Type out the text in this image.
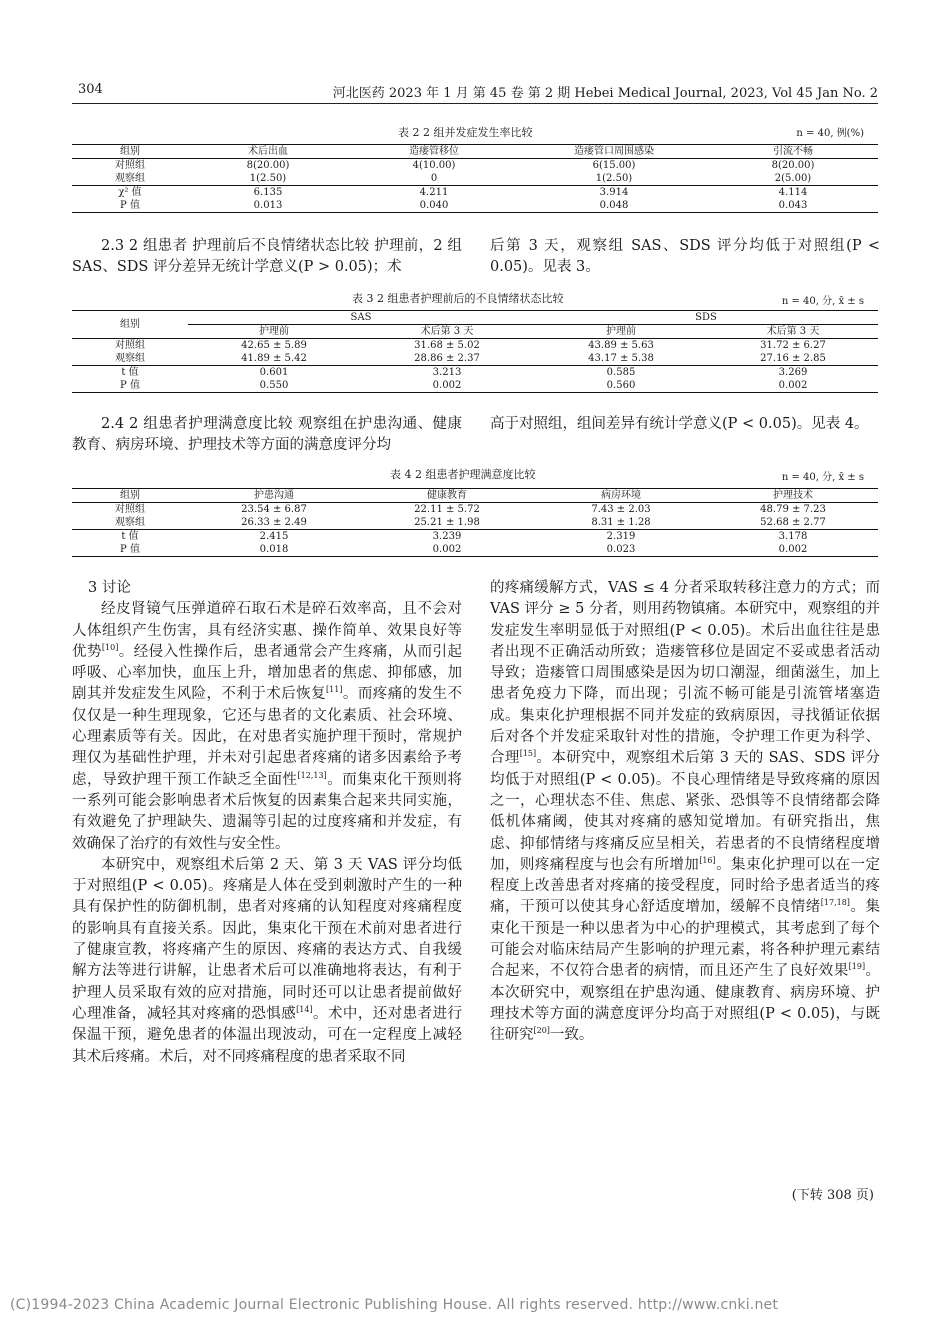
304	河北医药 2023 年 1 月 第 45 卷 第 2 期 Hebei Medical Journal, 2023, Vol 45 Jan No. 2
表 2 2 组并发症发生率比较	n = 40, 例(%)
组别	术后出血	造瘘管移位	造瘘管口周围感染	引流不畅
对照组	8(20.00)	4(10.00)	6(15.00)	8(20.00)
观察组	1(2.50)	0	1(2.50)	2(5.00)
χ² 值	6.135	4.211	3.914	4.114
P 值	0.013	0.040	0.048	0.043

2.3 2 组患者 护理前后不良情绪状态比较 护理前，2 组 SAS、SDS 评分差异无统计学意义(P > 0.05)；术

后第 3 天，观察组 SAS、SDS 评分均低于对照组(P < 0.05)。见表 3。

表 3 2 组患者护理前后的不良情绪状态比较	n = 40, 分, x̄ ± s
组别	SAS		SDS	
	护理前	术后第 3 天	护理前	术后第 3 天
对照组	42.65 ± 5.89	31.68 ± 5.02	43.89 ± 5.63	31.72 ± 6.27
观察组	41.89 ± 5.42	28.86 ± 2.37	43.17 ± 5.38	27.16 ± 2.85
t 值	0.601	3.213	0.585	3.269
P 值	0.550	0.002	0.560	0.002

2.4 2 组患者护理满意度比较 观察组在护患沟通、健康教育、病房环境、护理技术等方面的满意度评分均

高于对照组，组间差异有统计学意义(P < 0.05)。见表 4。

表 4 2 组患者护理满意度比较	n = 40, 分, x̄ ± s
组别	护患沟通	健康教育	病房环境	护理技术
对照组	23.54 ± 6.87	22.11 ± 5.72	7.43 ± 2.03	48.79 ± 7.23
观察组	26.33 ± 2.49	25.21 ± 1.98	8.31 ± 1.28	52.68 ± 2.77
t 值	2.415	3.239	2.319	3.178
P 值	0.018	0.002	0.023	0.002

3 讨论

经皮肾镜气压弹道碎石取石术是碎石效率高，且不会对人体组织产生伤害，具有经济实惠、操作简单、效果良好等优势[10]。经侵入性操作后，患者通常会产生疼痛，从而引起呼吸、心率加快，血压上升，增加患者的焦虑、抑郁感，加剧其并发症发生风险，不利于术后恢复[11]。而疼痛的发生不仅仅是一种生理现象，它还与患者的文化素质、社会环境、心理素质等有关。因此，在对患者实施护理干预时，常规护理仅为基础性护理，并未对引起患者疼痛的诸多因素给予考虑，导致护理干预工作缺乏全面性[12,13]。而集束化干预则将一系列可能会影响患者术后恢复的因素集合起来共同实施，有效避免了护理缺失、遗漏等引起的过度疼痛和并发症，有效确保了治疗的有效性与安全性。

本研究中，观察组术后第 2 天、第 3 天 VAS 评分均低于对照组(P < 0.05)。疼痛是人体在受到刺激时产生的一种具有保护性的防御机制，患者对疼痛的认知程度对疼痛程度的影响具有直接关系。因此，集束化干预在术前对患者进行了健康宣教，将疼痛产生的原因、疼痛的表达方式、自我缓解方法等进行讲解，让患者术后可以准确地将表达，有利于护理人员采取有效的应对措施，同时还可以让患者提前做好心理准备，减轻其对疼痛的恐惧感[14]。术中，还对患者进行保温干预，避免患者的体温出现波动，可在一定程度上减轻其术后疼痛。术后，对不同疼痛程度的患者采取不同

的疼痛缓解方式，VAS ≤ 4 分者采取转移注意力的方式；而 VAS 评分 ≥ 5 分者，则用药物镇痛。本研究中，观察组的并发症发生率明显低于对照组(P < 0.05)。术后出血往往是患者出现不正确活动所致；造瘘管移位是固定不妥或患者活动导致；造瘘管口周围感染是因为切口潮湿，细菌滋生，加上患者免疫力下降，而出现；引流不畅可能是引流管堵塞造成。集束化护理根据不同并发症的致病原因，寻找循证依据后对各个并发症采取针对性的措施，令护理工作更为科学、合理[15]。本研究中，观察组术后第 3 天的 SAS、SDS 评分均低于对照组(P < 0.05)。不良心理情绪是导致疼痛的原因之一，心理状态不佳、焦虑、紧张、恐惧等不良情绪都会降低机体痛阈，使其对疼痛的感知觉增加。有研究指出，焦虑、抑郁情绪与疼痛反应呈相关，若患者的不良情绪程度增加，则疼痛程度与也会有所增加[16]。集束化护理可以在一定程度上改善患者对疼痛的接受程度，同时给予患者适当的疼痛，干预可以使其身心舒适度增加，缓解不良情绪[17,18]。集束化干预是一种以患者为中心的护理模式，其考虑到了每个可能会对临床结局产生影响的护理元素，将各种护理元素结合起来，不仅符合患者的病情，而且还产生了良好效果[19]。本次研究中，观察组在护患沟通、健康教育、病房环境、护理技术等方面的满意度评分均高于对照组(P < 0.05)，与既往研究[20]一致。

(下转 308 页)
(C)1994-2023 China Academic Journal Electronic Publishing House. All rights reserved. http://www.cnki.net
